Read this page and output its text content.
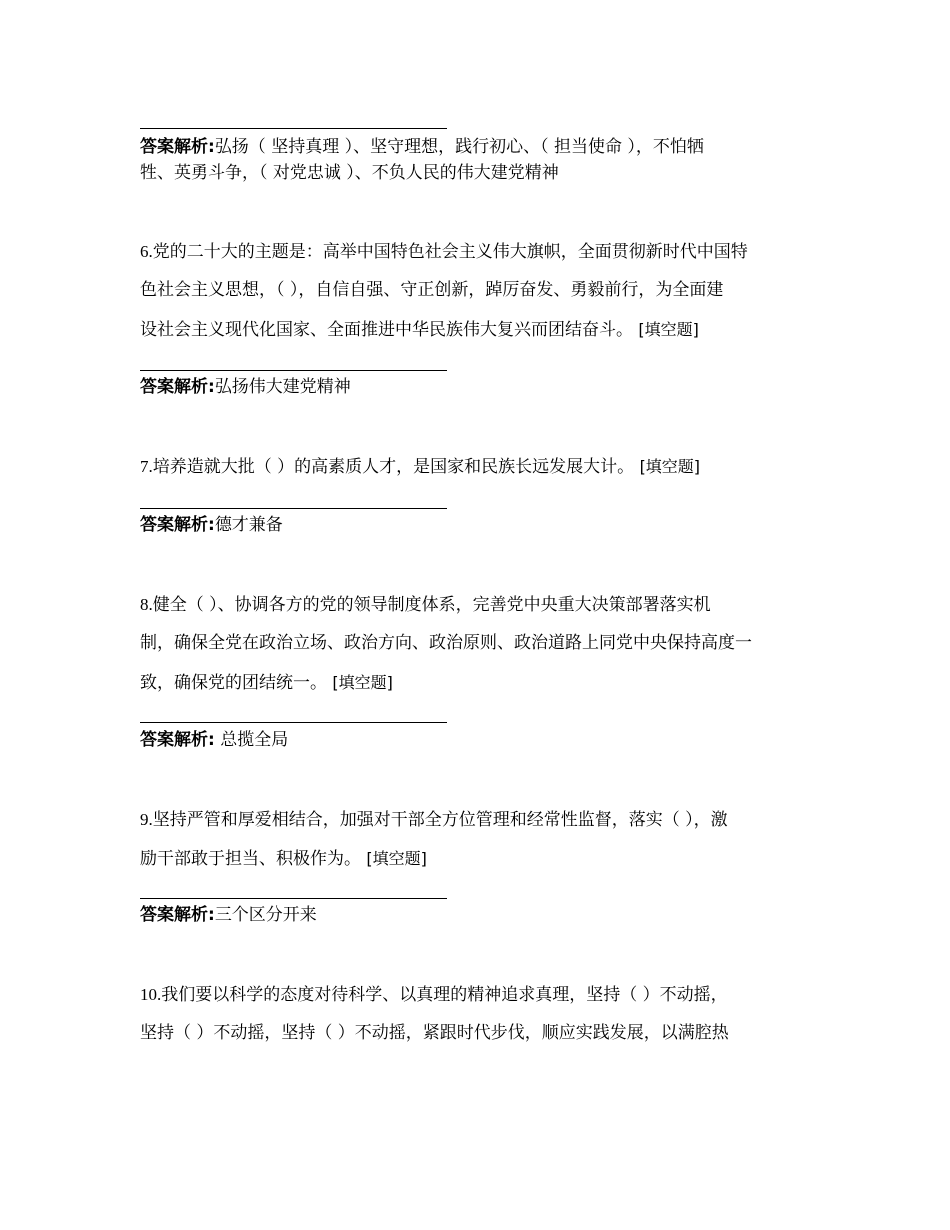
答案解析:弘扬（ 坚持真理 ）、坚守理想，践行初心、（ 担当使命 ），不怕牺
牲、英勇斗争，（ 对党忠诚 ）、不负人民的伟大建党精神
6.党的二十大的主题是：高举中国特色社会主义伟大旗帜，全面贯彻新时代中国特
色社会主义思想，（ ），自信自强、守正创新，踔厉奋发、勇毅前行，为全面建
设社会主义现代化国家、全面推进中华民族伟大复兴而团结奋斗。 [填空题]
答案解析:弘扬伟大建党精神
7.培养造就大批（ ）的高素质人才，是国家和民族长远发展大计。 [填空题]
答案解析:德才兼备
8.健全（ ）、协调各方的党的领导制度体系，完善党中央重大决策部署落实机
制，确保全党在政治立场、政治方向、政治原则、政治道路上同党中央保持高度一
致，确保党的团结统一。 [填空题]
答案解析: 总揽全局
9.坚持严管和厚爱相结合，加强对干部全方位管理和经常性监督，落实（ ），激
励干部敢于担当、积极作为。 [填空题]
答案解析:三个区分开来
10.我们要以科学的态度对待科学、以真理的精神追求真理，坚持（ ）不动摇，
坚持（ ）不动摇，坚持（ ）不动摇，紧跟时代步伐，顺应实践发展，以满腔热
